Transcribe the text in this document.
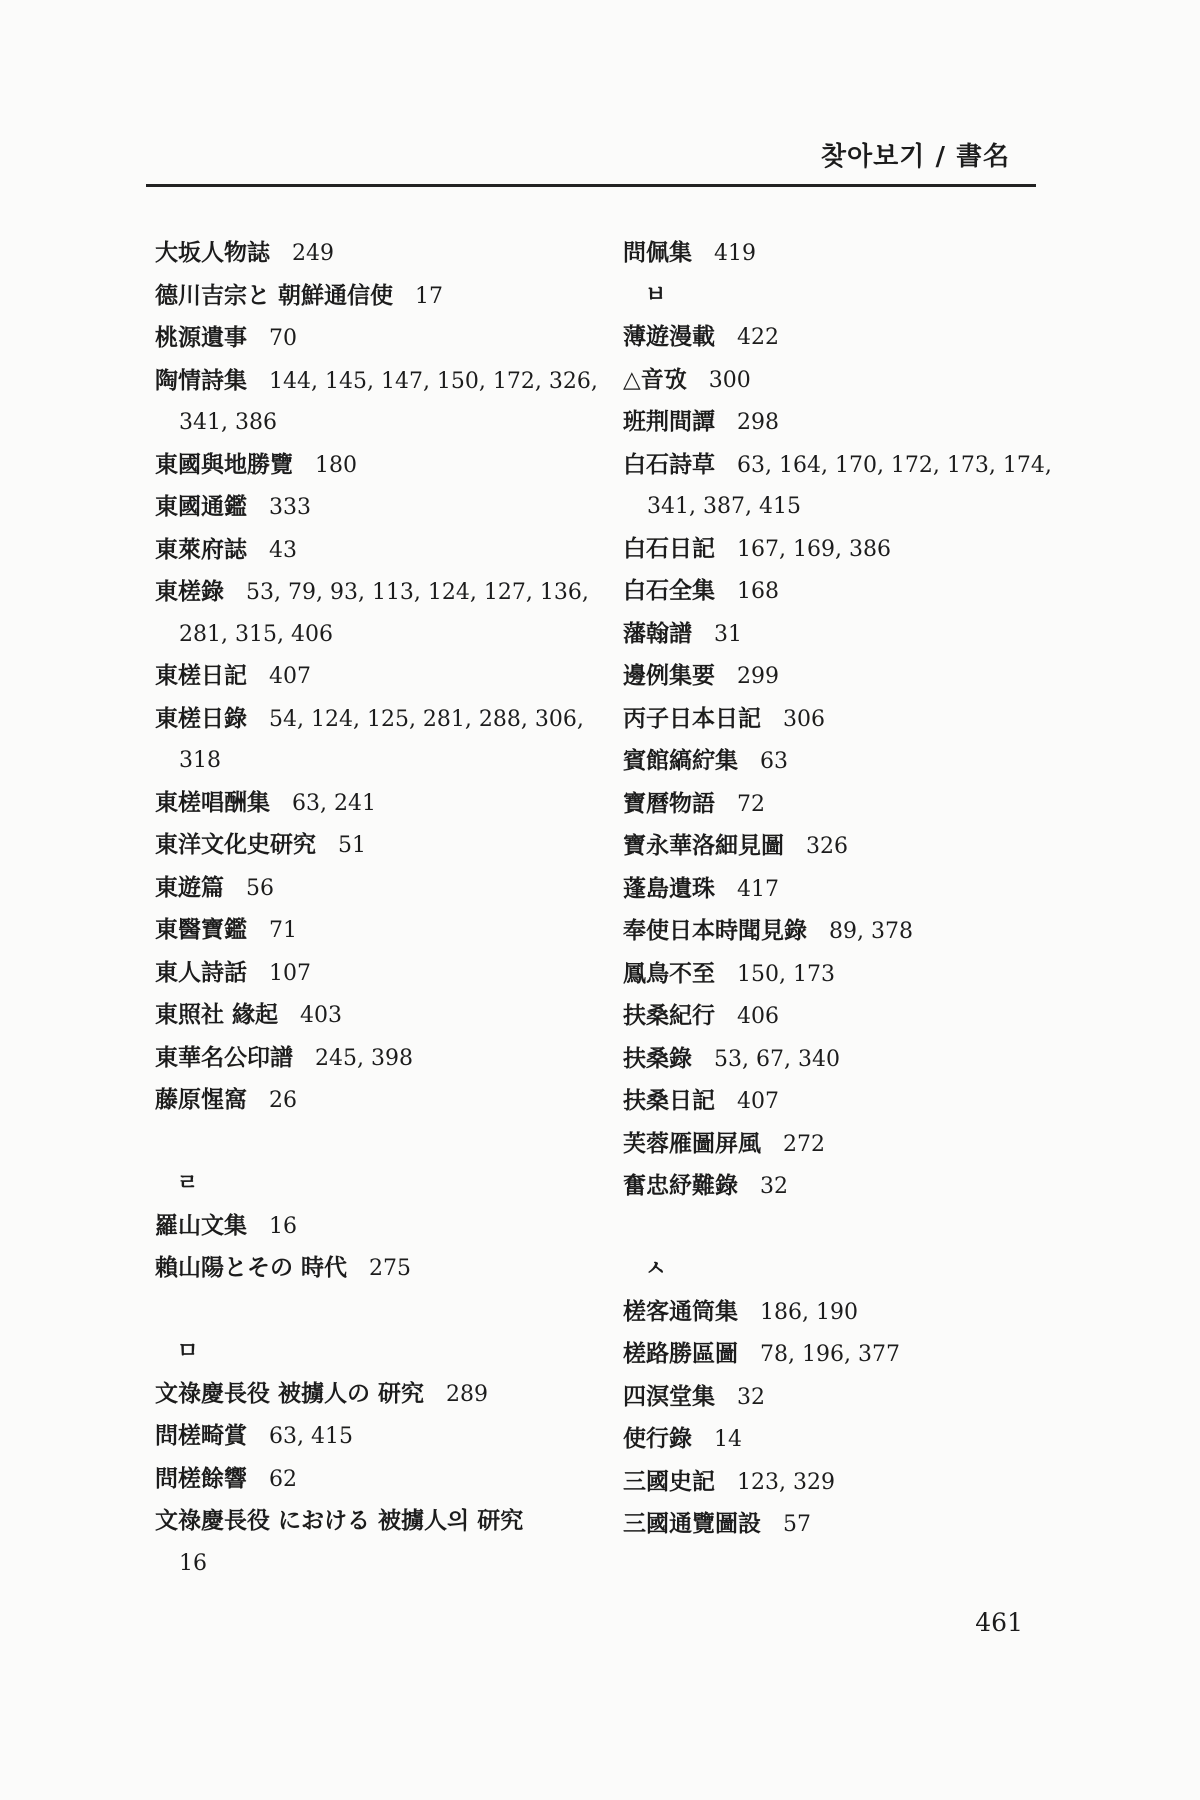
찾아보기 / 書名
大坂人物誌 249
德川吉宗と 朝鮮通信使 17
桃源遺事 70
陶情詩集 144, 145, 147, 150, 172, 326,
341, 386
東國與地勝覽 180
東國通鑑 333
東萊府誌 43
東槎錄 53, 79, 93, 113, 124, 127, 136,
281, 315, 406
東槎日記 407
東槎日錄 54, 124, 125, 281, 288, 306,
318
東槎唱酬集 63, 241
東洋文化史研究 51
東遊篇 56
東醫寶鑑 71
東人詩話 107
東照社 緣起 403
東華名公印譜 245, 398
藤原惺窩 26
ㄹ
羅山文集 16
賴山陽とその 時代 275
ㅁ
文祿慶長役 被擄人の 研究 289
問槎畸賞 63, 415
問槎餘響 62
文祿慶長役 における 被擄人의 研究
16
問佩集 419
ㅂ
薄遊漫載 422
△音攷 300
班荆間譚 298
白石詩草 63, 164, 170, 172, 173, 174,
341, 387, 415
白石日記 167, 169, 386
白石全集 168
藩翰譜 31
邊例集要 299
丙子日本日記 306
賓館縞紵集 63
寶曆物語 72
寶永華洛細見圖 326
蓬島遺珠 417
奉使日本時聞見錄 89, 378
鳳鳥不至 150, 173
扶桑紀行 406
扶桑錄 53, 67, 340
扶桑日記 407
芙蓉雁圖屏風 272
奮忠紓難錄 32
ㅅ
槎客通筒集 186, 190
槎路勝區圖 78, 196, 377
四溟堂集 32
使行錄 14
三國史記 123, 329
三國通覽圖設 57
461
